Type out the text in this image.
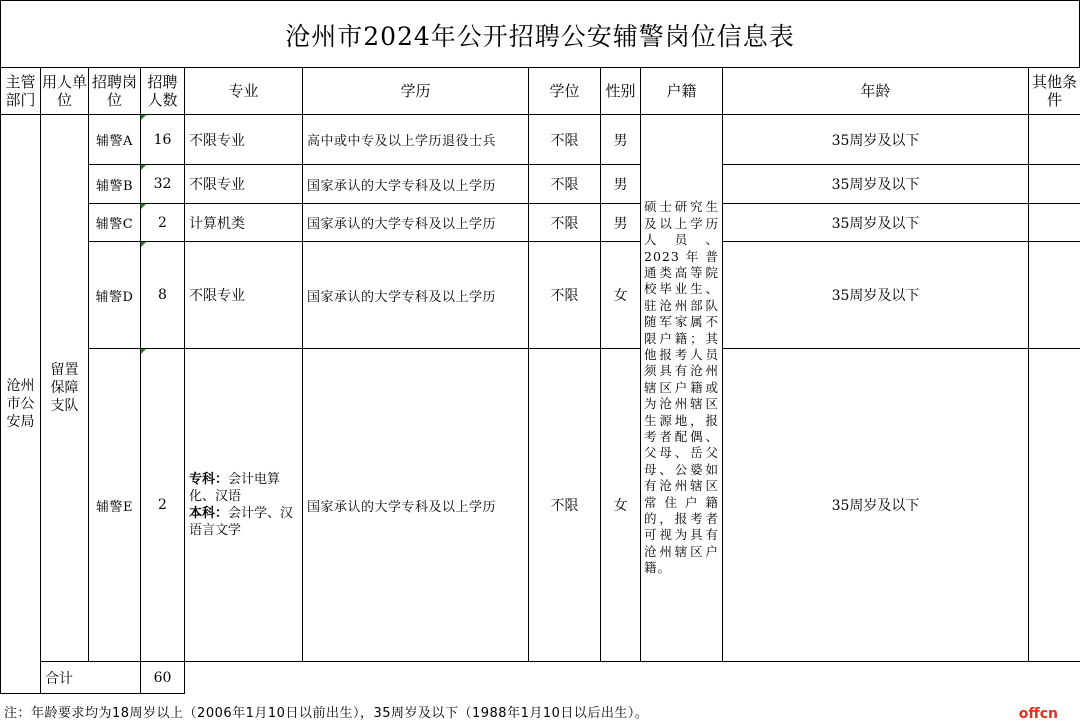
沧州市2024年公开招聘公安辅警岗位信息表
主管部门	用人单位	招聘岗位	招聘人数	专业	学历	学位	性别	户籍	年龄	其他条件
沧州市公安局	留置保障支队	辅警A	16	不限专业	高中或中专及以上学历退役士兵	不限	男	硕士研究生及以上学历人员、2023年普通类高等院校毕业生、驻沧州部队随军家属不限户籍；其他报考人员须具有沧州辖区户籍或为沧州辖区生源地，报考者配偶、父母、岳父母、公婆如有沧州辖区常住户籍的，报考者可视为具有沧州辖区户籍。	35周岁及以下	
		辅警B	32	不限专业	国家承认的大学专科及以上学历	不限	男		35周岁及以下	
		辅警C	2	计算机类	国家承认的大学专科及以上学历	不限	男		35周岁及以下	
		辅警D	8	不限专业	国家承认的大学专科及以上学历	不限	女		35周岁及以下	
		辅警E	2	专科：会计电算化、汉语
本科：会计学、汉语言文学	国家承认的大学专科及以上学历	不限	女		35周岁及以下	
	合计		60							
注：年龄要求均为18周岁以上（2006年1月10日以前出生），35周岁及以下（1988年1月10日以后出生）。	offcn
